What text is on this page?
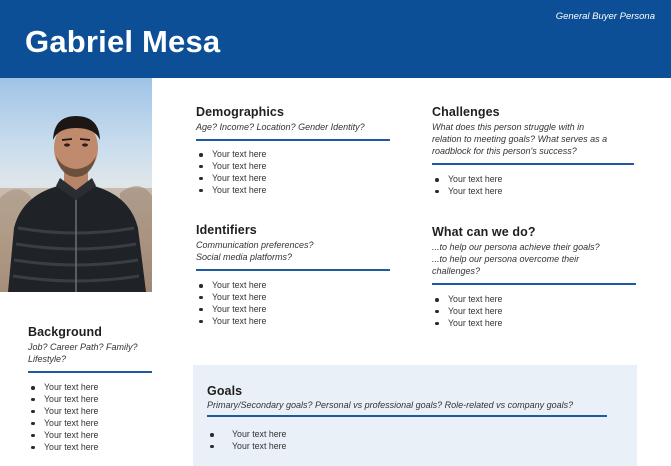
Gabriel Mesa
General Buyer Persona
Demographics
Age? Income? Location? Gender Identity?
Your text here
Your text here
Your text here
Your text here
Challenges
What does this person struggle with in
relation to meeting goals? What serves as a
roadblock for this person's success?
Your text here
Your text here
Identifiers
Communication preferences?
Social media platforms?
Your text here
Your text here
Your text here
Your text here
What can we do?
...to help our persona achieve their goals?
...to help our persona overcome their
challenges?
Your text here
Your text here
Your text here
Background
Job? Career Path? Family?
Lifestyle?
Your text here
Your text here
Your text here
Your text here
Your text here
Your text here
Goals
Primary/Secondary goals? Personal vs professional goals? Role-related vs company goals?
Your text here
Your text here
